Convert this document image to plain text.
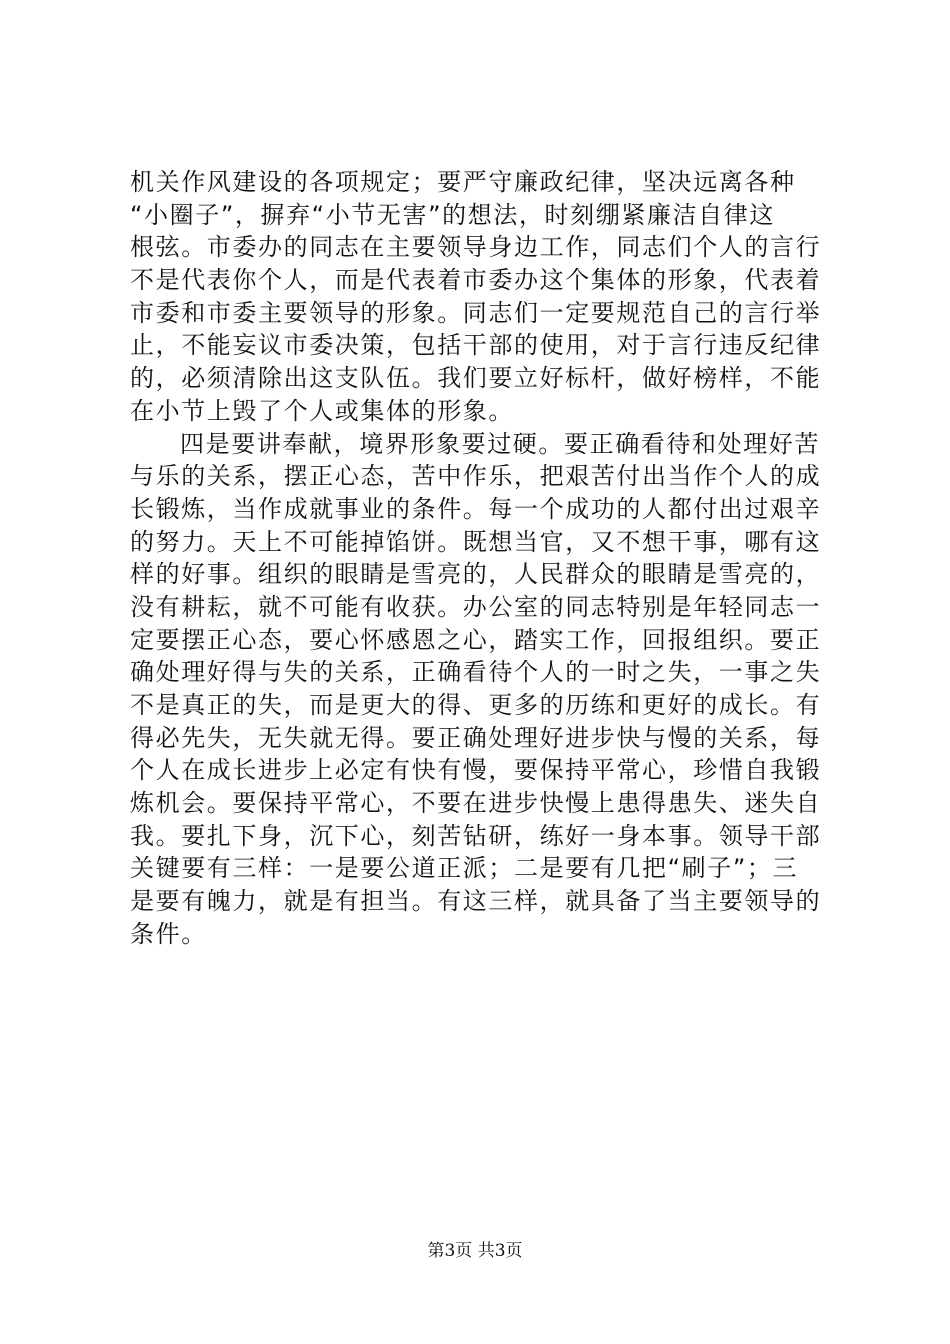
机关作风建设的各项规定；要严守廉政纪律，坚决远离各种
“小圈子”，摒弃“小节无害”的想法，时刻绷紧廉洁自律这
根弦。市委办的同志在主要领导身边工作，同志们个人的言行
不是代表你个人，而是代表着市委办这个集体的形象，代表着
市委和市委主要领导的形象。同志们一定要规范自己的言行举
止，不能妄议市委决策，包括干部的使用，对于言行违反纪律
的，必须清除出这支队伍。我们要立好标杆，做好榜样，不能
在小节上毁了个人或集体的形象。
四是要讲奉献，境界形象要过硬。要正确看待和处理好苦
与乐的关系，摆正心态，苦中作乐，把艰苦付出当作个人的成
长锻炼，当作成就事业的条件。每一个成功的人都付出过艰辛
的努力。天上不可能掉馅饼。既想当官，又不想干事，哪有这
样的好事。组织的眼睛是雪亮的，人民群众的眼睛是雪亮的，
没有耕耘，就不可能有收获。办公室的同志特别是年轻同志一
定要摆正心态，要心怀感恩之心，踏实工作，回报组织。要正
确处理好得与失的关系，正确看待个人的一时之失，一事之失
不是真正的失，而是更大的得、更多的历练和更好的成长。有
得必先失，无失就无得。要正确处理好进步快与慢的关系，每
个人在成长进步上必定有快有慢，要保持平常心，珍惜自我锻
炼机会。要保持平常心，不要在进步快慢上患得患失、迷失自
我。要扎下身，沉下心，刻苦钻研，练好一身本事。领导干部
关键要有三样：一是要公道正派；二是要有几把“刷子”；三
是要有魄力，就是有担当。有这三样，就具备了当主要领导的
条件。
第3页 共3页
